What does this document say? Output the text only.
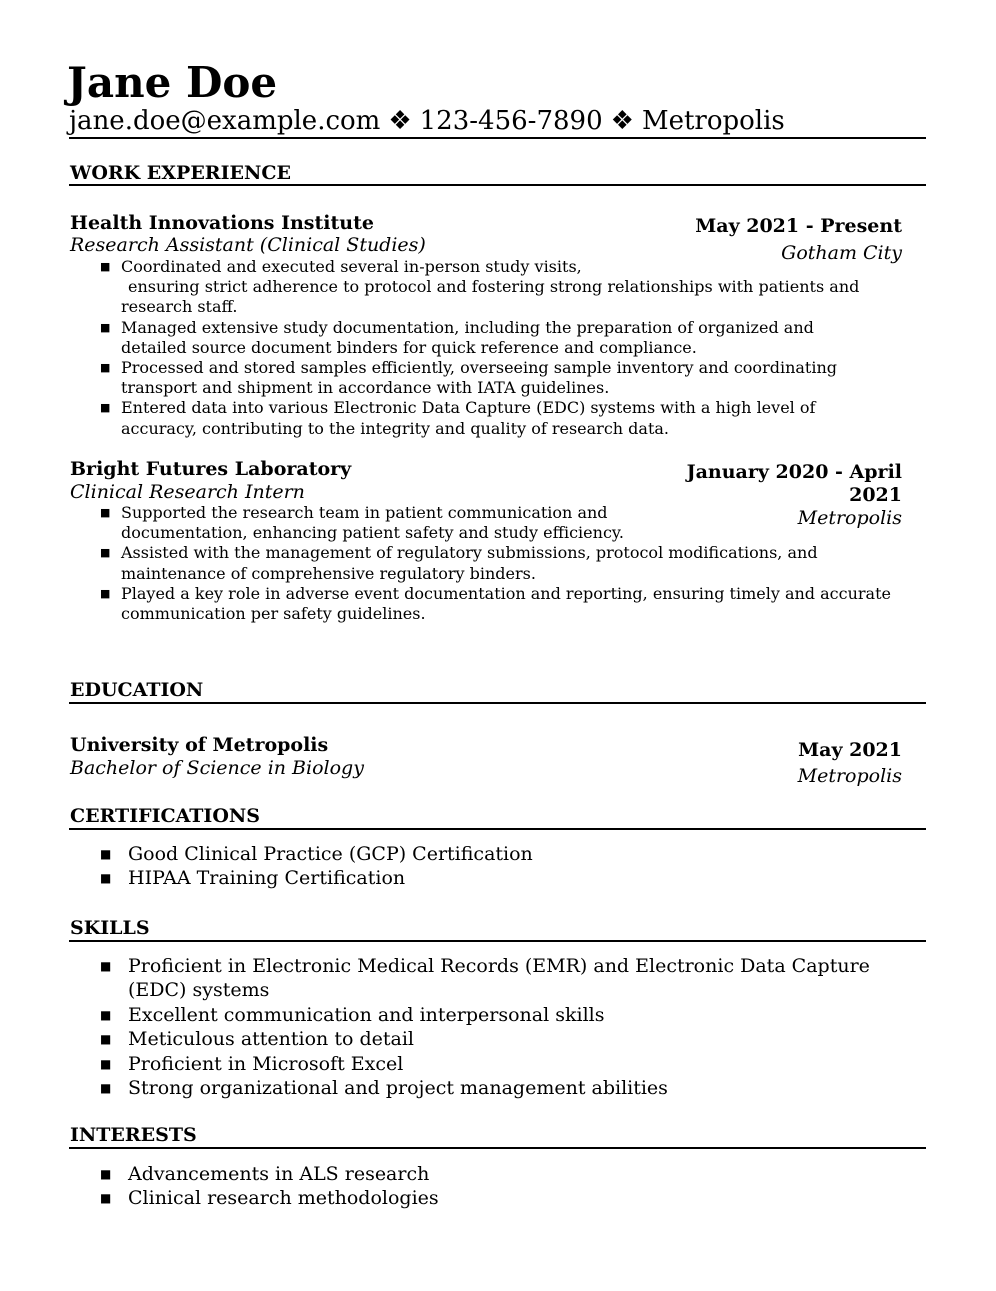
Jane Doe
jane.doe@example.com ❖ 123-456-7890 ❖ Metropolis
WORK EXPERIENCE
Health Innovations Institute
Research Assistant (Clinical Studies)
May 2021 - Present
Gotham City
■ Coordinated and executed several in-person study visits,
ensuring strict adherence to protocol and fostering strong relationships with patients and research staff.
■ Managed extensive study documentation, including the preparation of organized and detailed source document binders for quick reference and compliance.
■ Processed and stored samples efficiently, overseeing sample inventory and coordinating transport and shipment in accordance with IATA guidelines.
■ Entered data into various Electronic Data Capture (EDC) systems with a high level of accuracy, contributing to the integrity and quality of research data.
Bright Futures Laboratory
Clinical Research Intern
January 2020 - April
2021
Metropolis
■ Supported the research team in patient communication and documentation, enhancing patient safety and study efficiency.
■ Assisted with the management of regulatory submissions, protocol modifications, and maintenance of comprehensive regulatory binders.
■ Played a key role in adverse event documentation and reporting, ensuring timely and accurate communication per safety guidelines.
EDUCATION
University of Metropolis
Bachelor of Science in Biology
May 2021
Metropolis
CERTIFICATIONS
■ Good Clinical Practice (GCP) Certification
■ HIPAA Training Certification
SKILLS
■ Proficient in Electronic Medical Records (EMR) and Electronic Data Capture (EDC) systems
■ Excellent communication and interpersonal skills
■ Meticulous attention to detail
■ Proficient in Microsoft Excel
■ Strong organizational and project management abilities
INTERESTS
■ Advancements in ALS research
■ Clinical research methodologies
